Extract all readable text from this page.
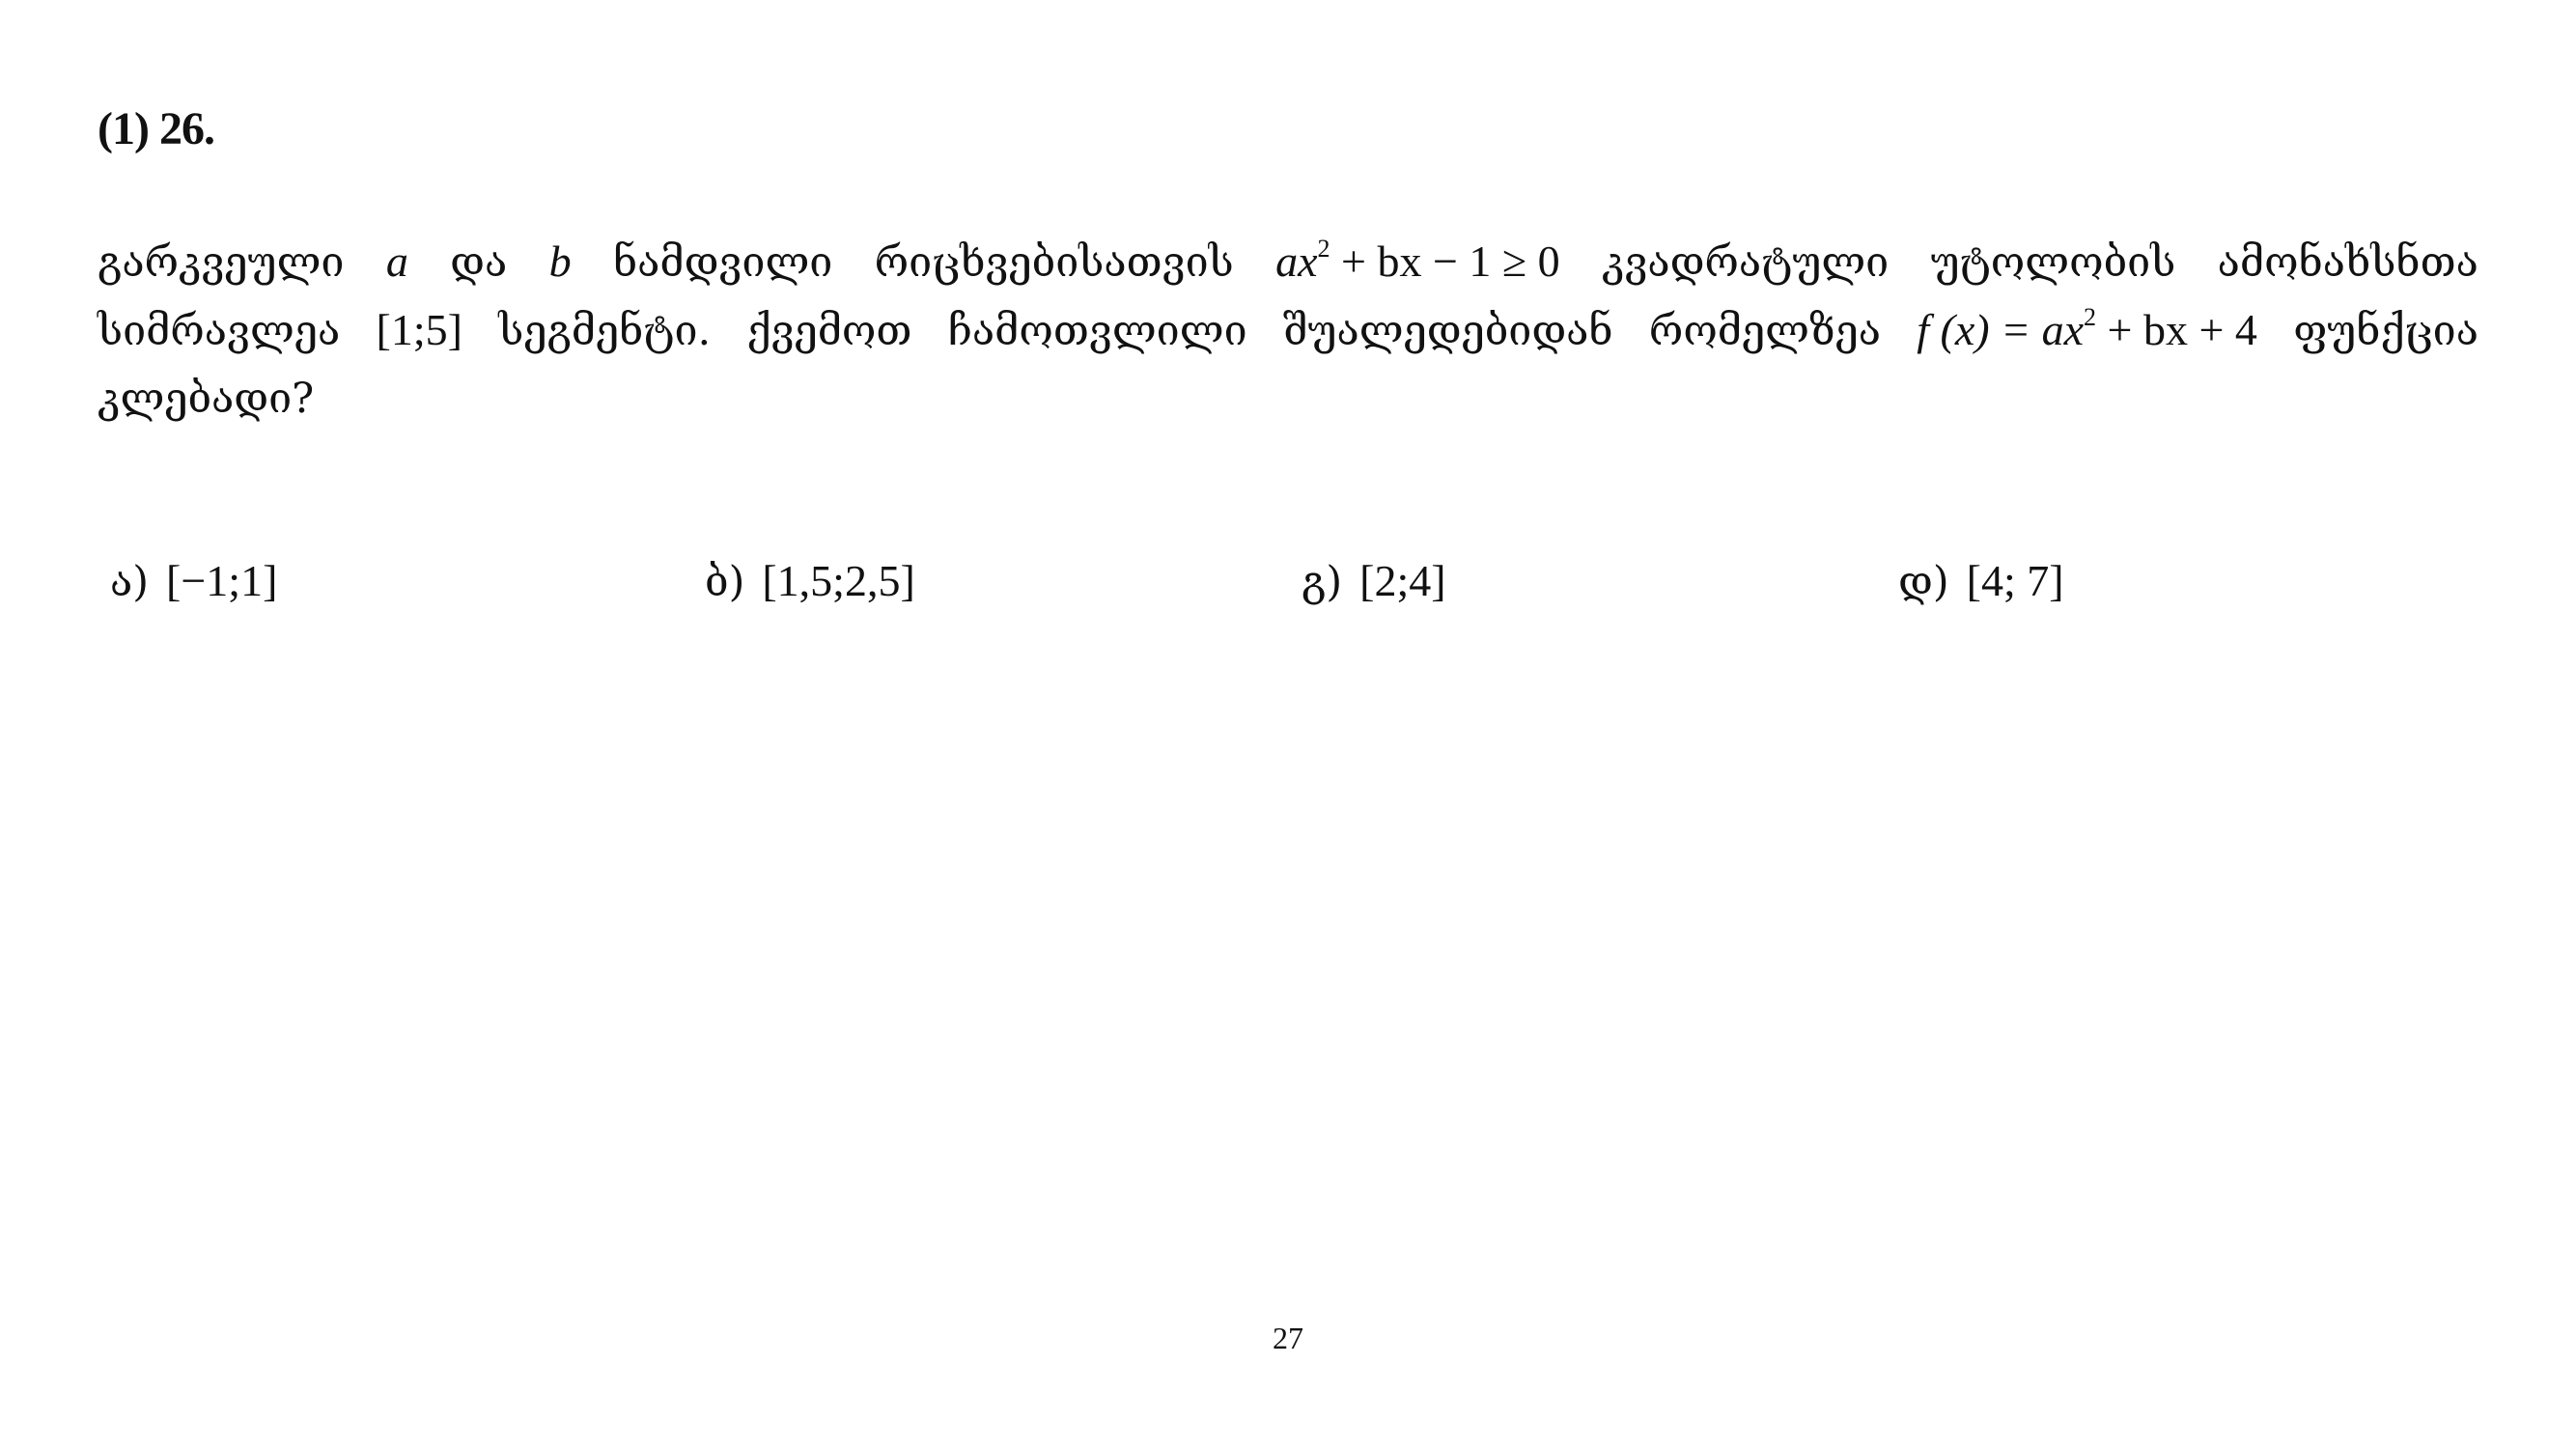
(1) 26.
გარკვეული a და b ნამდვილი რიცხვებისათვის $ax^2$ + bx − 1 ≥ 0 კვადრატული უტოლობის ამონახსნთა
სიმრავლეა [1;5] სეგმენტი. ქვემოთ ჩამოთვლილი შუალედებიდან რომელზეა f $(x) = ax^2$ + bx + 4 ფუნქცია
კლებადი?
ა) [−1;1]	ბ) [1,5;2,5]	გ) [2;4]	დ) [4; 7]
27
